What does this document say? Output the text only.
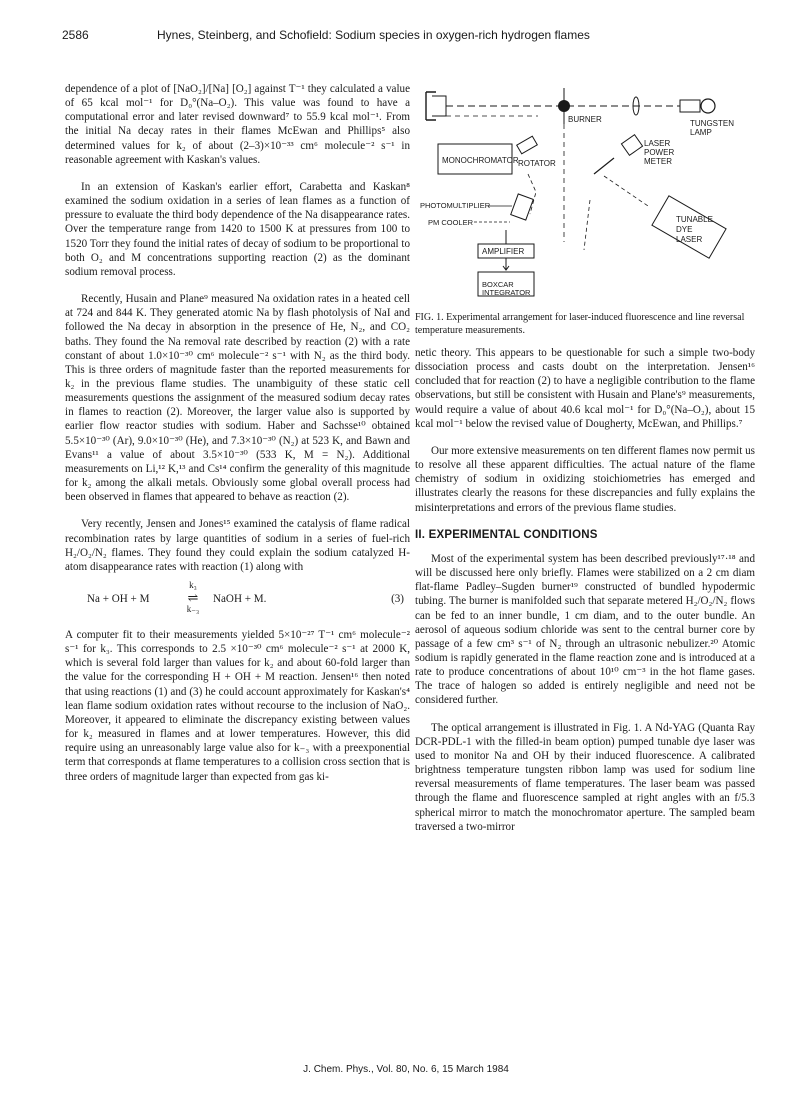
2586	Hynes, Steinberg, and Schofield: Sodium species in oxygen-rich hydrogen flames

dependence of a plot of [NaO₂]/[Na] [O₂] against T⁻¹ they calculated a value of 65 kcal mol⁻¹ for D₀°(Na–O₂). This value was found to have a computational error and later revised downward⁷ to 55.9 kcal mol⁻¹. From the initial Na decay rates in their flames McEwan and Phillips⁵ also determined values for k₂ of about (2–3)×10⁻³³ cm⁶ molecule⁻² s⁻¹ in reasonable agreement with Kaskan's values.

In an extension of Kaskan's earlier effort, Carabetta and Kaskan⁸ examined the sodium oxidation in a series of lean flames as a function of pressure to evaluate the third body dependence of the Na disappearance rates. Over the temperature range from 1420 to 1500 K at pressures from 100 to 1520 Torr they found the initial rates of decay of sodium to be proportional to both O₂ and M concentrations supporting reaction (2) as the dominant sodium removal process.

Recently, Husain and Plane⁹ measured Na oxidation rates in a heated cell at 724 and 844 K. They generated atomic Na by flash photolysis of NaI and followed the Na decay in absorption in the presence of He, N₂, and CO₂ baths. They found the Na removal rate described by reaction (2) with a rate constant of about 1.0×10⁻³⁰ cm⁶ molecule⁻² s⁻¹ with N₂ as the third body. This is three orders of magnitude faster than the reported measurements for k₂ in the previous flame studies. The unambiguity of these static cell measurements questions the assignment of the measured sodium decay rates in flames to reaction (2). Moreover, the larger value also is supported by earlier flow reactor studies with sodium. Haber and Sachsse¹⁰ obtained 5.5×10⁻³⁰ (Ar), 9.0×10⁻³⁰ (He), and 7.3×10⁻³⁰ (N₂) at 523 K, and Bawn and Evans¹¹ a value of about 3.5×10⁻³⁰ (533 K, M = N₂). Additional measurements on Li,¹² K,¹³ and Cs¹⁴ confirm the generality of this magnitude for k₂ among the alkali metals. Obviously some global overall process had been observed in flames that appeared to behave as reaction (2).

Very recently, Jensen and Jones¹⁵ examined the catalysis of flame radical recombination rates by large quantities of sodium in a series of fuel-rich H₂/O₂/N₂ flames. They found they could explain the sodium catalyzed H-atom disappearance rates with reaction (1) along with

Na + OH + M
k₃
⇌
k₋₃
NaOH + M.	(3)

A computer fit to their measurements yielded 5×10⁻²⁷ T⁻¹ cm⁶ molecule⁻² s⁻¹ for k₃. This corresponds to 2.5 ×10⁻³⁰ cm⁶ molecule⁻² s⁻¹ at 2000 K, which is several fold larger than values for k₂ and about 60-fold larger than the value for the corresponding H + OH + M reaction. Jensen¹⁶ then noted that using reactions (1) and (3) he could account approximately for Kaskan's⁴ lean flame sodium oxidation rates without recourse to the inclusion of NaO₂. Moreover, it appeared to eliminate the discrepancy existing between values for k₂ measured in flames and at lower temperatures. However, this did require using an unreasonably large value also for k₋₃ with a preexponential term that corresponds at flame temperatures to a collision cross section that is three orders of magnitude larger than expected from gas ki-

BURNER	TUNGSTEN LAMP
MONOCHROMATOR ROTATOR
LASER POWER METER
PHOTOMULTIPLIER
PM COOLER	TUNABLE DYE LASER
AMPLIFIER
BOXCAR INTEGRATOR
FIG. 1. Experimental arrangement for laser-induced fluorescence and line reversal temperature measurements.

netic theory. This appears to be questionable for such a simple two-body dissociation process and casts doubt on the interpretation. Jensen¹⁶ concluded that for reaction (2) to have a negligible contribution to the flame observations, but still be consistent with Husain and Plane's⁹ measurements, would require a value of about 40.6 kcal mol⁻¹ for D₀°(Na–O₂), about 15 kcal mol⁻¹ below the revised value of Dougherty, McEwan, and Phillips.⁷

Our more extensive measurements on ten different flames now permit us to resolve all these apparent difficulties. The actual nature of the flame chemistry of sodium in oxidizing stoichiometries has emerged and illustrates clearly the reasons for these discrepancies and fully explains the misinterpretations and errors of the previous flame studies.

II. EXPERIMENTAL CONDITIONS

Most of the experimental system has been described previously¹⁷·¹⁸ and will be discussed here only briefly. Flames were stabilized on a 2 cm diam flat-flame Padley–Sugden burner¹⁹ constructed of bundled hypodermic tubing. The burner is manifolded such that separate metered H₂/O₂/N₂ flows can be fed to an inner bundle, 1 cm diam, and to the outer bundle. An aerosol of aqueous sodium chloride was sent to the central burner core by passage of a few cm³ s⁻¹ of N₂ through an ultrasonic nebulizer.²⁰ Atomic sodium is rapidly generated in the flame reaction zone and is introduced at a rate to produce concentrations of about 10¹⁰ cm⁻³ in the hot flame gases. The trace of halogen so added is entirely negligible and need not be considered further.

The optical arrangement is illustrated in Fig. 1. A Nd-YAG (Quanta Ray DCR-PDL-1 with the filled-in beam option) pumped tunable dye laser was used to monitor Na and OH by their induced fluorescence. A calibrated brightness temperature tungsten ribbon lamp was used for sodium line reversal measurements of flame temperatures. The laser beam was passed through the flame and fluorescence sampled at right angles with an f/5.3 spherical mirror to match the monochromator aperture. The sampled beam traversed a two-mirror

J. Chem. Phys., Vol. 80, No. 6, 15 March 1984
